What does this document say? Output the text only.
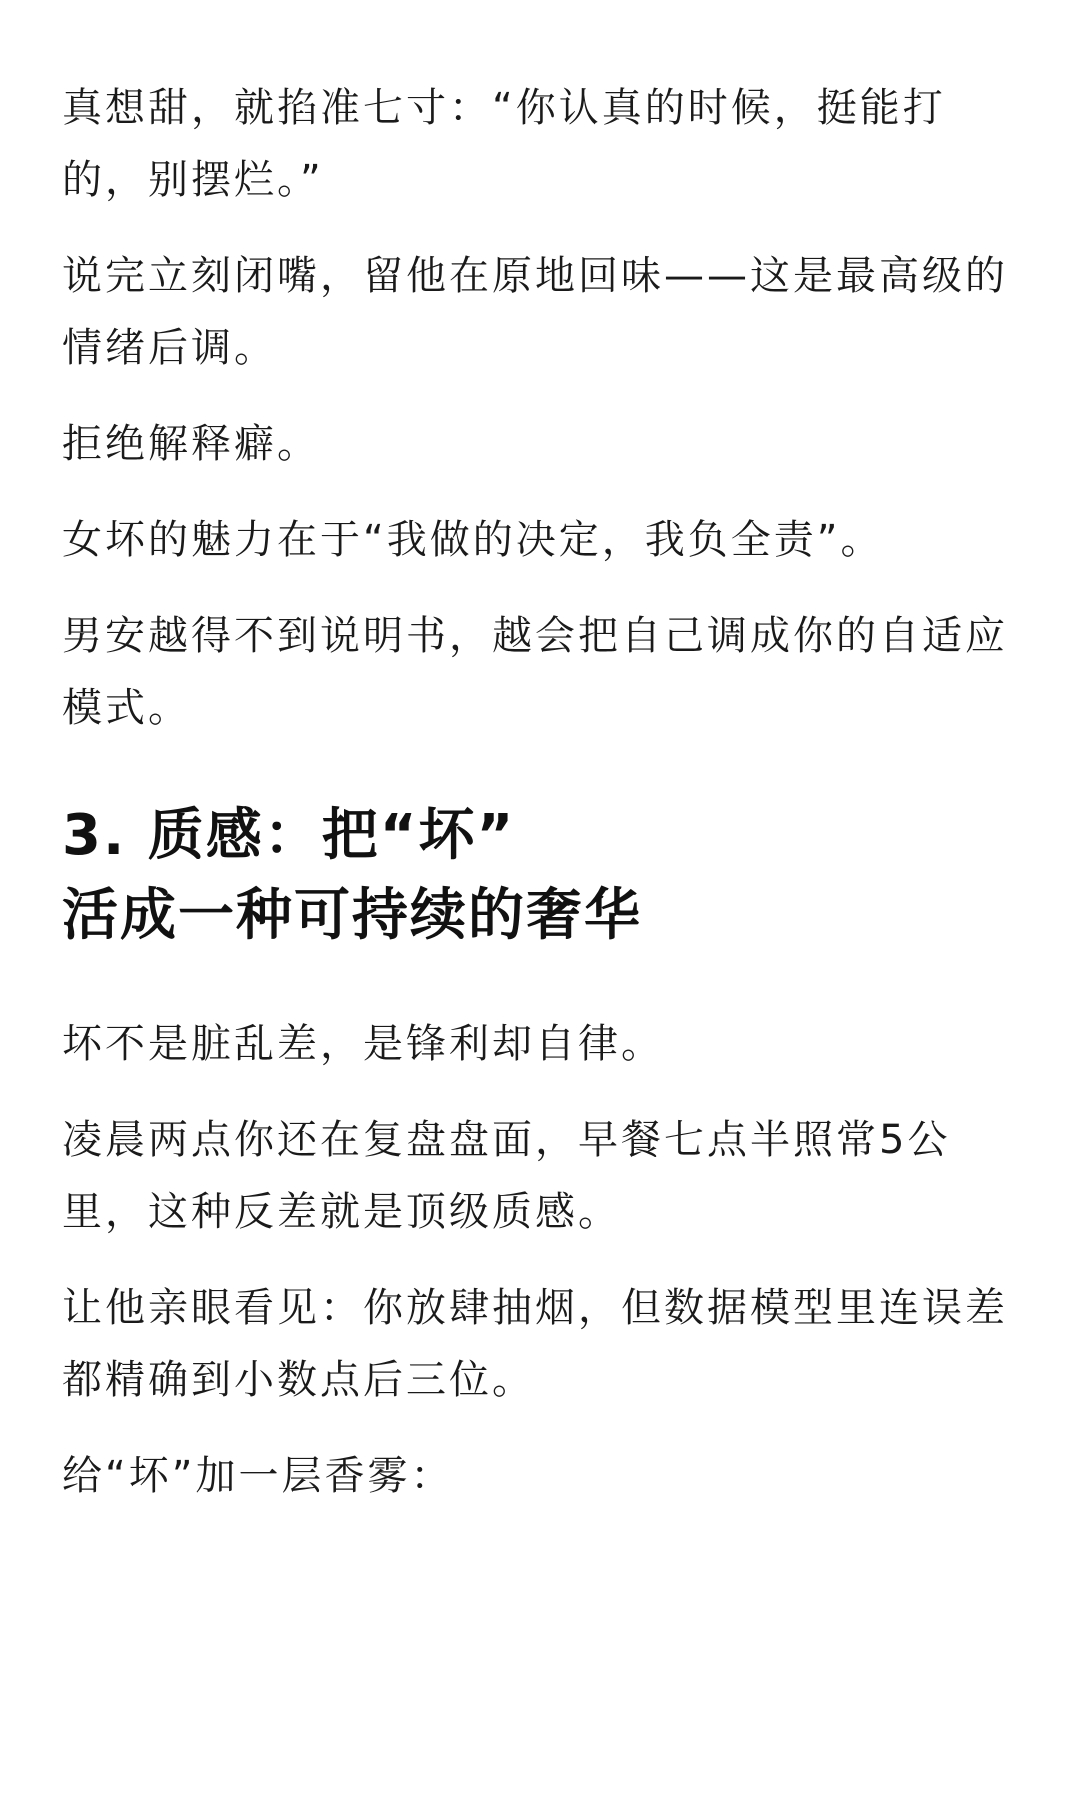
真想甜，就掐准七寸：“你认真的时候，挺能打的，别摆烂。”

说完立刻闭嘴，留他在原地回味——这是最高级的情绪后调。

拒绝解释癖。

女坏的魅力在于“我做的决定，我负全责”。

男安越得不到说明书，越会把自己调成你的自适应模式。

3. 质感：把“坏”
活成一种可持续的奢华

坏不是脏乱差，是锋利却自律。

凌晨两点你还在复盘盘面，早餐七点半照常5公里，这种反差就是顶级质感。

让他亲眼看见：你放肆抽烟，但数据模型里连误差都精确到小数点后三位。

给“坏”加一层香雾：
